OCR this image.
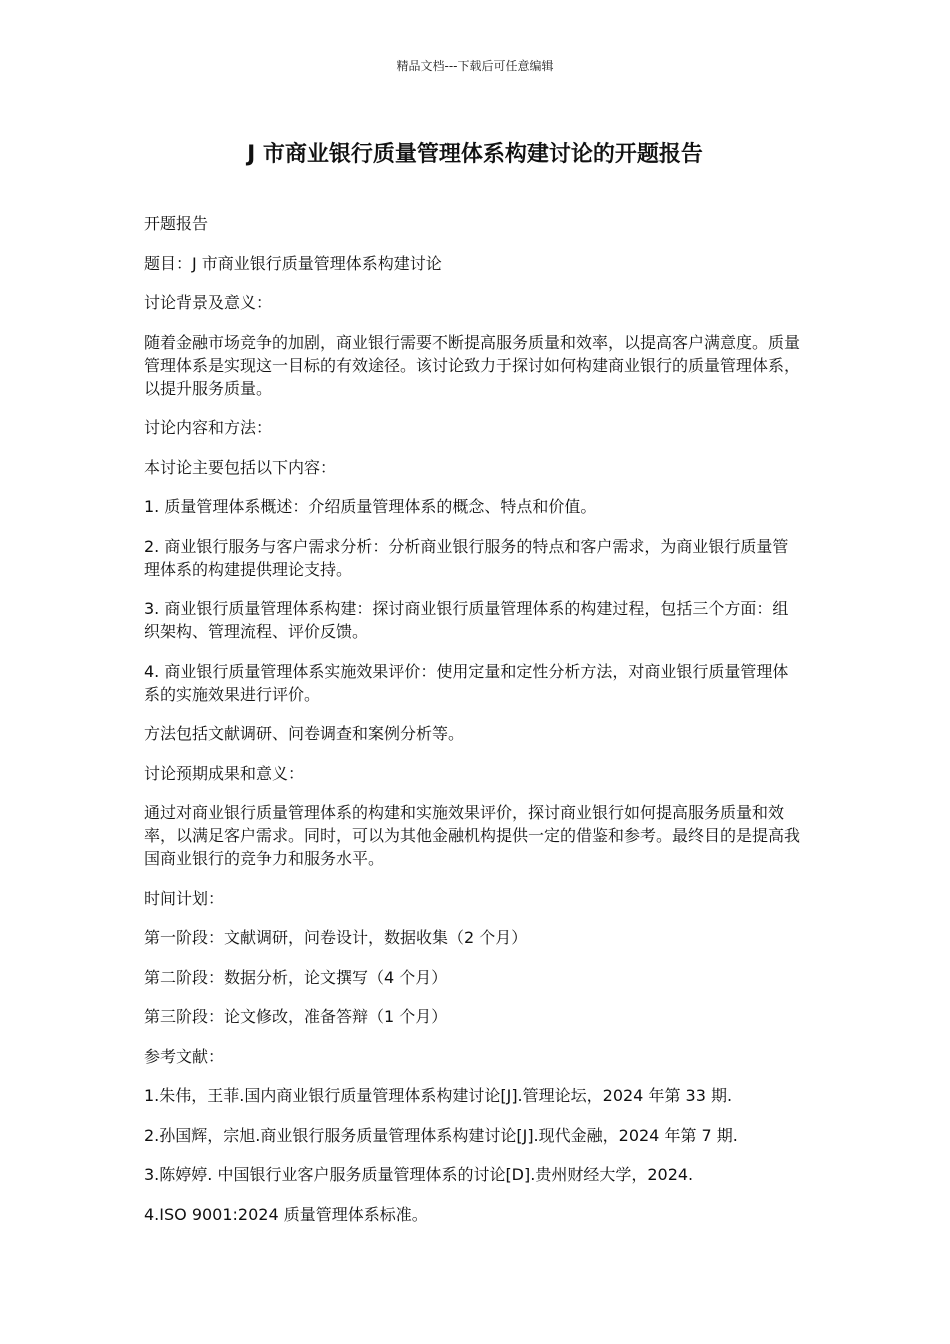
精品文档---下载后可任意编辑
J 市商业银行质量管理体系构建讨论的开题报告

开题报告

题目：J 市商业银行质量管理体系构建讨论

讨论背景及意义：

随着金融市场竞争的加剧，商业银行需要不断提高服务质量和效率，以提高客户满意度。质量管理体系是实现这一目标的有效途径。该讨论致力于探讨如何构建商业银行的质量管理体系，以提升服务质量。

讨论内容和方法：

本讨论主要包括以下内容：

1. 质量管理体系概述：介绍质量管理体系的概念、特点和价值。

2. 商业银行服务与客户需求分析：分析商业银行服务的特点和客户需求，为商业银行质量管理体系的构建提供理论支持。

3. 商业银行质量管理体系构建：探讨商业银行质量管理体系的构建过程，包括三个方面：组织架构、管理流程、评价反馈。

4. 商业银行质量管理体系实施效果评价：使用定量和定性分析方法，对商业银行质量管理体系的实施效果进行评价。

方法包括文献调研、问卷调查和案例分析等。

讨论预期成果和意义：

通过对商业银行质量管理体系的构建和实施效果评价，探讨商业银行如何提高服务质量和效率，以满足客户需求。同时，可以为其他金融机构提供一定的借鉴和参考。最终目的是提高我国商业银行的竞争力和服务水平。

时间计划：

第一阶段：文献调研，问卷设计，数据收集（2 个月）

第二阶段：数据分析，论文撰写（4 个月）

第三阶段：论文修改，准备答辩（1 个月）

参考文献：

1.朱伟，王菲.国内商业银行质量管理体系构建讨论[J].管理论坛，2024 年第 33 期.

2.孙国辉，宗旭.商业银行服务质量管理体系构建讨论[J].现代金融，2024 年第 7 期.

3.陈婷婷. 中国银行业客户服务质量管理体系的讨论[D].贵州财经大学，2024.

4.ISO 9001:2024 质量管理体系标准。
